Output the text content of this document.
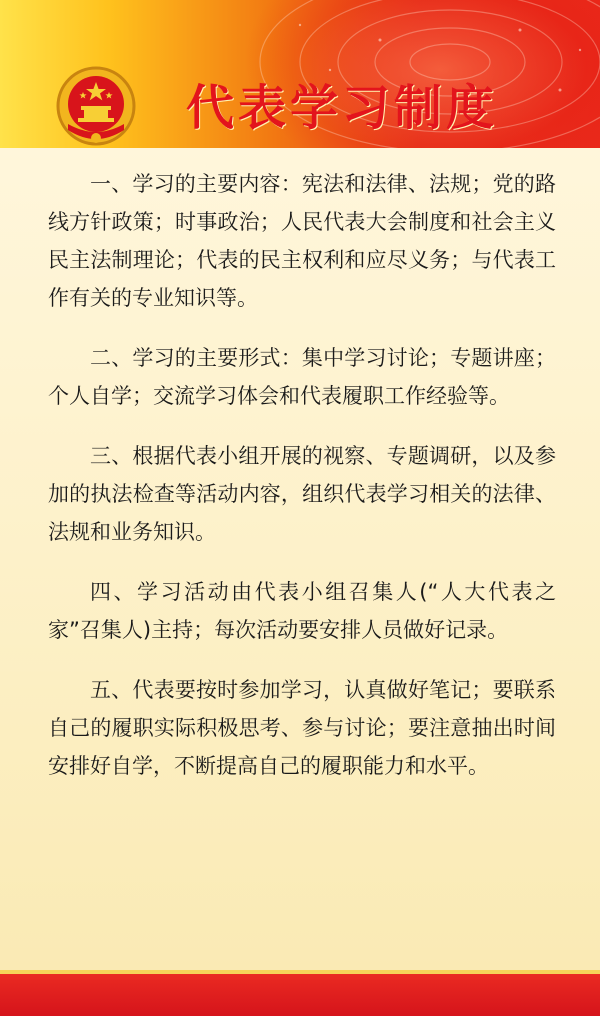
代表学习制度

一、学习的主要内容：宪法和法律、法规；党的路线方针政策；时事政治；人民代表大会制度和社会主义民主法制理论；代表的民主权利和应尽义务；与代表工作有关的专业知识等。

二、学习的主要形式：集中学习讨论；专题讲座；个人自学；交流学习体会和代表履职工作经验等。

三、根据代表小组开展的视察、专题调研，以及参加的执法检查等活动内容，组织代表学习相关的法律、法规和业务知识。

四、学习活动由代表小组召集人(“人大代表之家”召集人)主持；每次活动要安排人员做好记录。

五、代表要按时参加学习，认真做好笔记；要联系自己的履职实际积极思考、参与讨论；要注意抽出时间安排好自学，不断提高自己的履职能力和水平。
